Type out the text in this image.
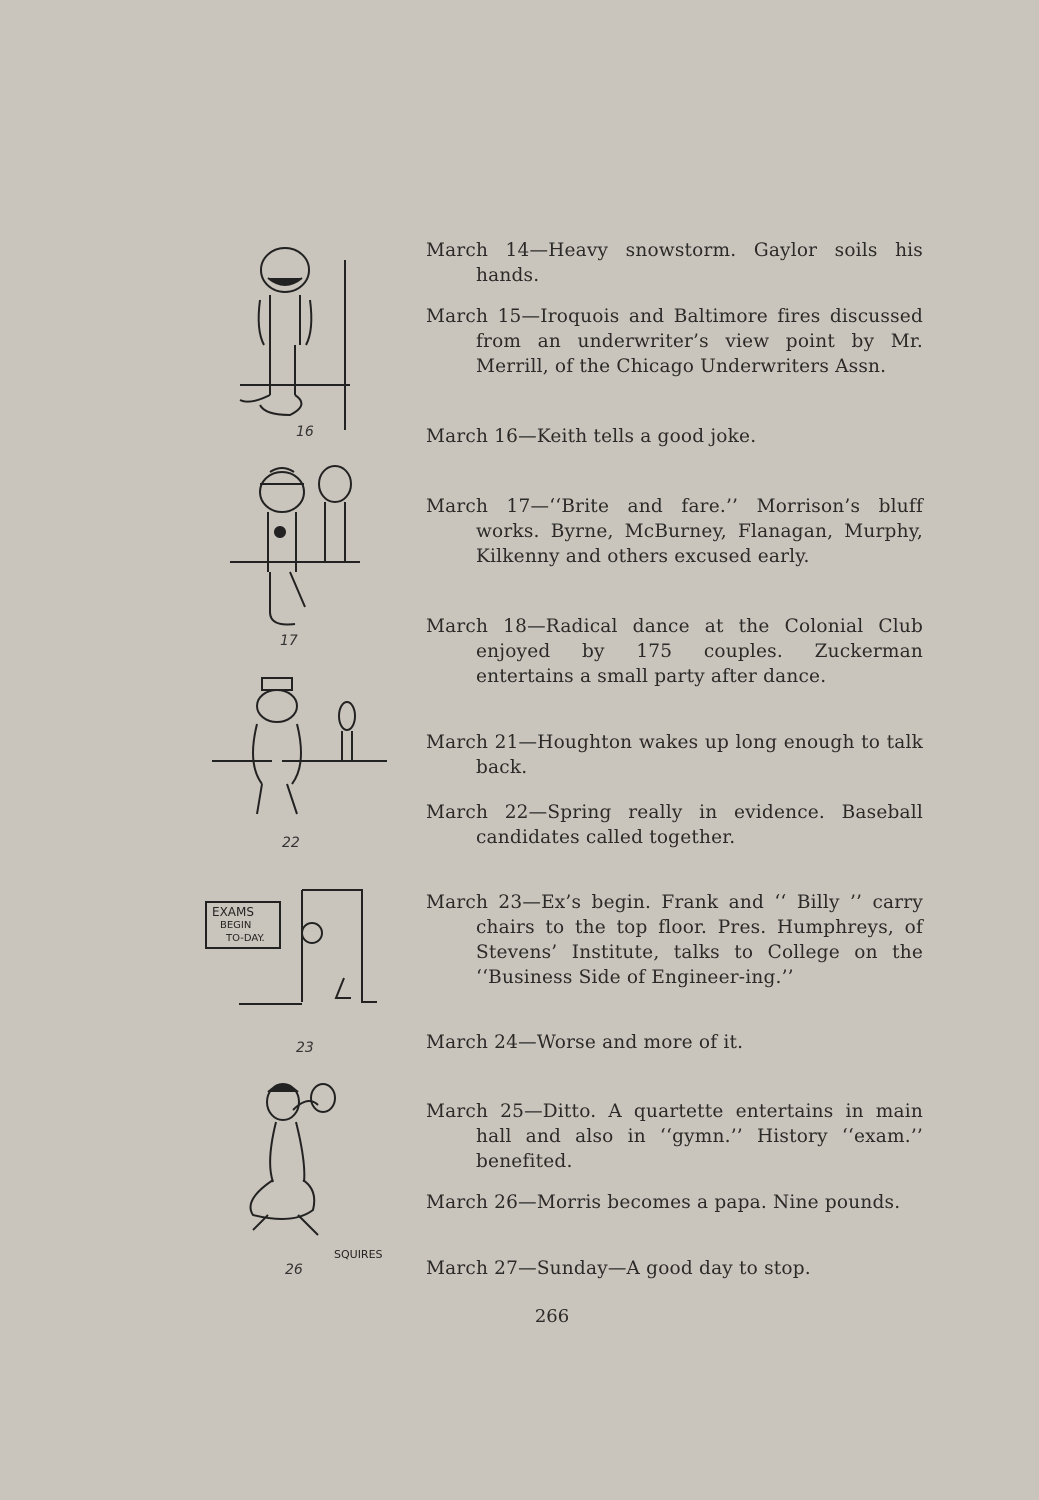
March 14—Heavy snowstorm. Gaylor soils his hands.

March 15—Iroquois and Baltimore fires discussed from an underwriter’s view point by Mr. Merrill, of the Chicago Underwriters Assn.

March 16—Keith tells a good joke.

March 17—‘‘Brite and fare.’’ Morrison’s bluff works. Byrne, McBurney, Flanagan, Murphy, Kilkenny and others excused early.

March 18—Radical dance at the Colonial Club enjoyed by 175 couples. Zuckerman entertains a small party after dance.

March 21—Houghton wakes up long enough to talk back.

March 22—Spring really in evidence. Baseball candidates called together.

March 23—Ex’s begin. Frank and ‘‘ Billy ’’ carry chairs to the top floor. Pres. Humphreys, of Stevens’ Institute, talks to College on the ‘‘Business Side of Engineer-ing.’’

March 24—Worse and more of it.

March 25—Ditto. A quartette entertains in main hall and also in ‘‘gymn.’’ History ‘‘exam.’’ benefited.

March 26—Morris becomes a papa. Nine pounds.

March 27—Sunday—A good day to stop.

266
16
17
22
EXAMS
BEGIN
TO-DAY.
23
SQUIRES
26
